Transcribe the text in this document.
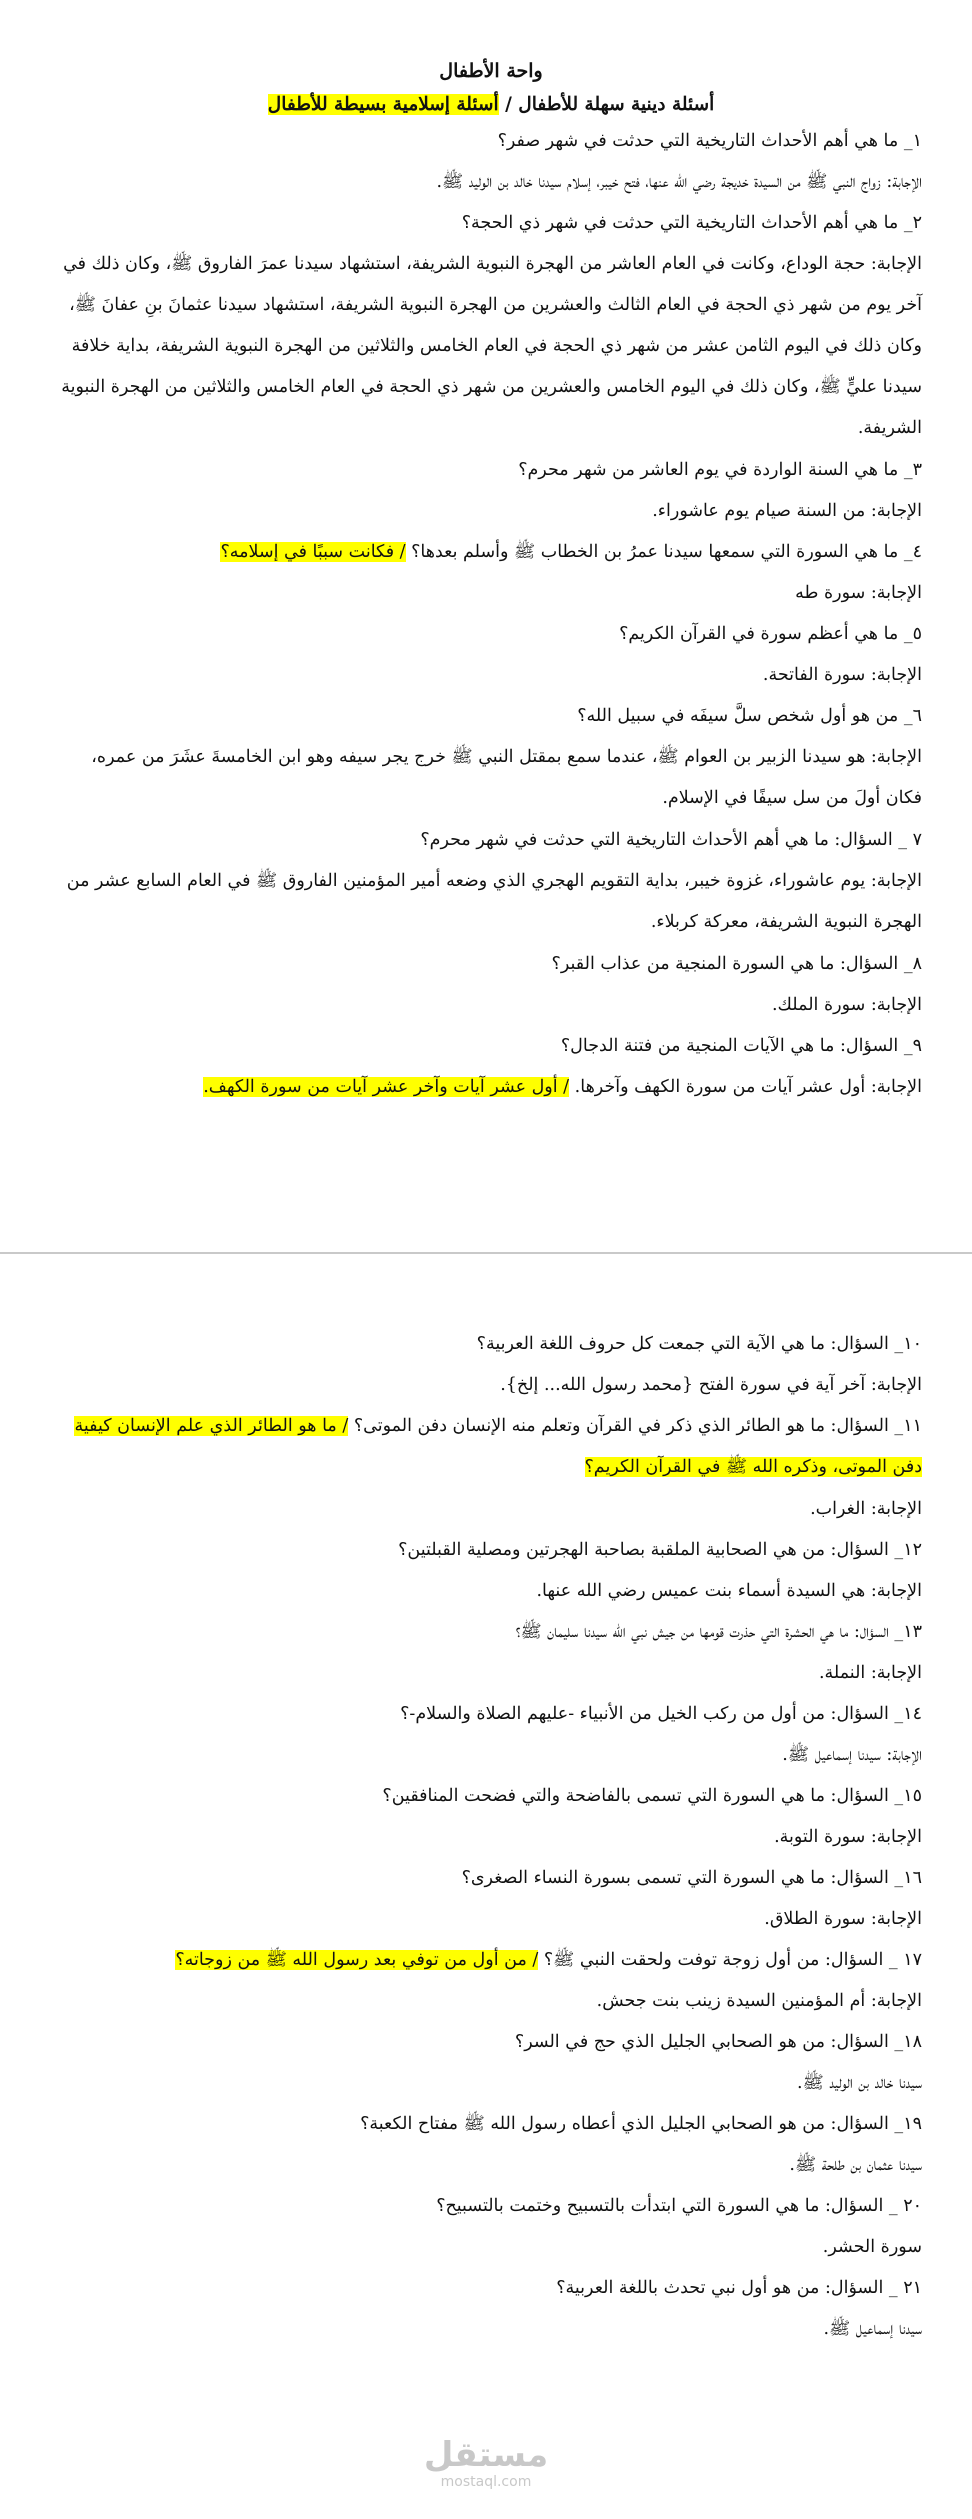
واحة الأطفال
أسئلة دينية سهلة للأطفال / أسئلة إسلامية بسيطة للأطفال
١_ ما هي أهم الأحداث التاريخية التي حدثت في شهر صفر؟
الإجابة: زواج النبي ﷺ من السيدة خديجة رضي الله عنها، فتح خيبر، إسلام سيدنا خالد بن الوليد ﷺ.
٢_ ما هي أهم الأحداث التاريخية التي حدثت في شهر ذي الحجة؟
الإجابة: حجة الوداع، وكانت في العام العاشر من الهجرة النبوية الشريفة، استشهاد سيدنا عمرَ الفاروق ﷺ، وكان ذلك في آخر يوم من شهر ذي الحجة في العام الثالث والعشرين من الهجرة النبوية الشريفة، استشهاد سيدنا عثمانَ بنِ عفانَ ﷺ، وكان ذلك في اليوم الثامن عشر من شهر ذي الحجة في العام الخامس والثلاثين من الهجرة النبوية الشريفة، بداية خلافة سيدنا عليٍّ ﷺ، وكان ذلك في اليوم الخامس والعشرين من شهر ذي الحجة في العام الخامس والثلاثين من الهجرة النبوية الشريفة.
٣_ ما هي السنة الواردة في يوم العاشر من شهر محرم؟
الإجابة: من السنة صيام يوم عاشوراء.
٤_ ما هي السورة التي سمعها سيدنا عمرُ بن الخطاب ﷺ وأسلم بعدها؟ / فكانت سببًا في إسلامه؟
الإجابة: سورة طه
٥_ ما هي أعظم سورة في القرآن الكريم؟
الإجابة: سورة الفاتحة.
٦_ من هو أول شخص سلَّ سيفَه في سبيل الله؟
الإجابة: هو سيدنا الزبير بن العوام ﷺ، عندما سمع بمقتل النبي ﷺ خرج يجر سيفه وهو ابن الخامسةَ عشَرَ من عمره، فكان أولَ من سل سيفًا في الإسلام.
٧ _ السؤال: ما هي أهم الأحداث التاريخية التي حدثت في شهر محرم؟
الإجابة: يوم عاشوراء، غزوة خيبر، بداية التقويم الهجري الذي وضعه أمير المؤمنين الفاروق ﷺ في العام السابع عشر من الهجرة النبوية الشريفة، معركة كربلاء.
٨_ السؤال: ما هي السورة المنجية من عذاب القبر؟
الإجابة: سورة الملك.
٩_ السؤال: ما هي الآيات المنجية من فتنة الدجال؟
الإجابة: أول عشر آيات من سورة الكهف وآخرها. / أول عشر آيات وآخر عشر آيات من سورة الكهف.
١٠_ السؤال: ما هي الآية التي جمعت كل حروف اللغة العربية؟
الإجابة: آخر آية في سورة الفتح {محمد رسول الله... إلخ}.
١١_ السؤال: ما هو الطائر الذي ذكر في القرآن وتعلم منه الإنسان دفن الموتى؟ / ما هو الطائر الذي علم الإنسان كيفية دفن الموتى، وذكره الله ﷺ في القرآن الكريم؟
الإجابة: الغراب.
١٢_ السؤال: من هي الصحابية الملقبة بصاحبة الهجرتين ومصلية القبلتين؟
الإجابة: هي السيدة أسماء بنت عميس رضي الله عنها.
١٣_ السؤال: ما هي الحشرة التي حذرت قومها من جيش نبي الله سيدنا سليمان ﷺ؟
الإجابة: النملة.
١٤_ السؤال: من أول من ركب الخيل من الأنبياء -عليهم الصلاة والسلام-؟
الإجابة: سيدنا إسماعيل ﷺ.
١٥_ السؤال: ما هي السورة التي تسمى بالفاضحة والتي فضحت المنافقين؟
الإجابة: سورة التوبة.
١٦_ السؤال: ما هي السورة التي تسمى بسورة النساء الصغرى؟
الإجابة: سورة الطلاق.
١٧ _ السؤال: من أول زوجة توفت ولحقت النبي ﷺ؟ / من أول من توفي بعد رسول الله ﷺ من زوجاته؟
الإجابة: أم المؤمنين السيدة زينب بنت جحش.
١٨_ السؤال: من هو الصحابي الجليل الذي حج في السر؟
سيدنا خالد بن الوليد ﷺ.
١٩_ السؤال: من هو الصحابي الجليل الذي أعطاه رسول الله ﷺ مفتاح الكعبة؟
سيدنا عثمان بن طلحة ﷺ.
٢٠ _ السؤال: ما هي السورة التي ابتدأت بالتسبيح وختمت بالتسبيح؟
سورة الحشر.
٢١ _ السؤال: من هو أول نبي تحدث باللغة العربية؟
سيدنا إسماعيل ﷺ.
مستقل
mostaql.com
